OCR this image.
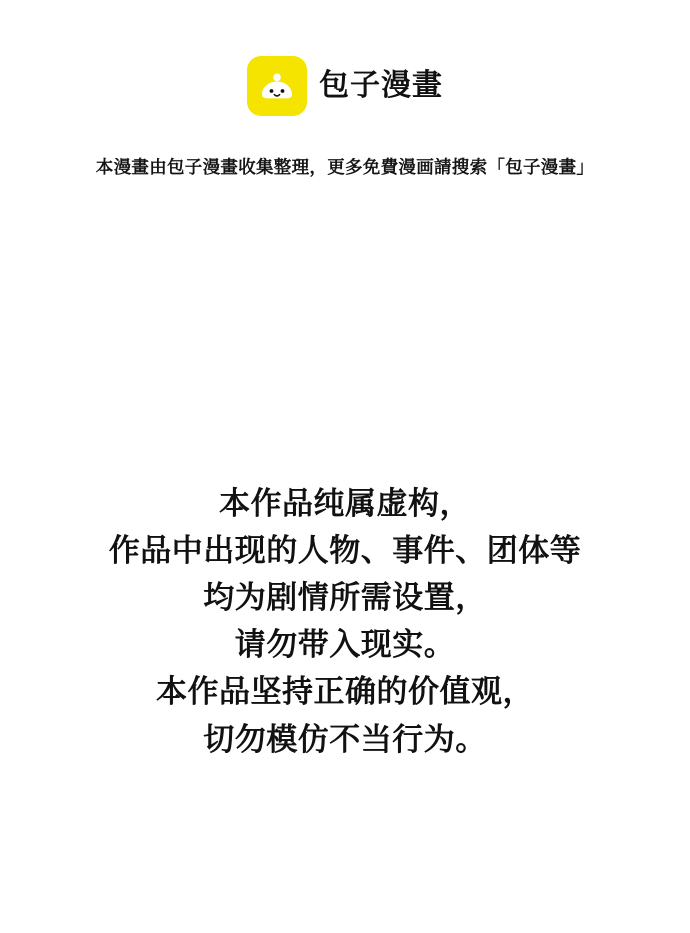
包子漫畫
本漫畫由包子漫畫收集整理，更多免費漫画請搜索「包子漫畫」
本作品纯属虚构，
作品中出现的人物、事件、团体等
均为剧情所需设置，
请勿带入现实。
本作品坚持正确的价值观，
切勿模仿不当行为。
